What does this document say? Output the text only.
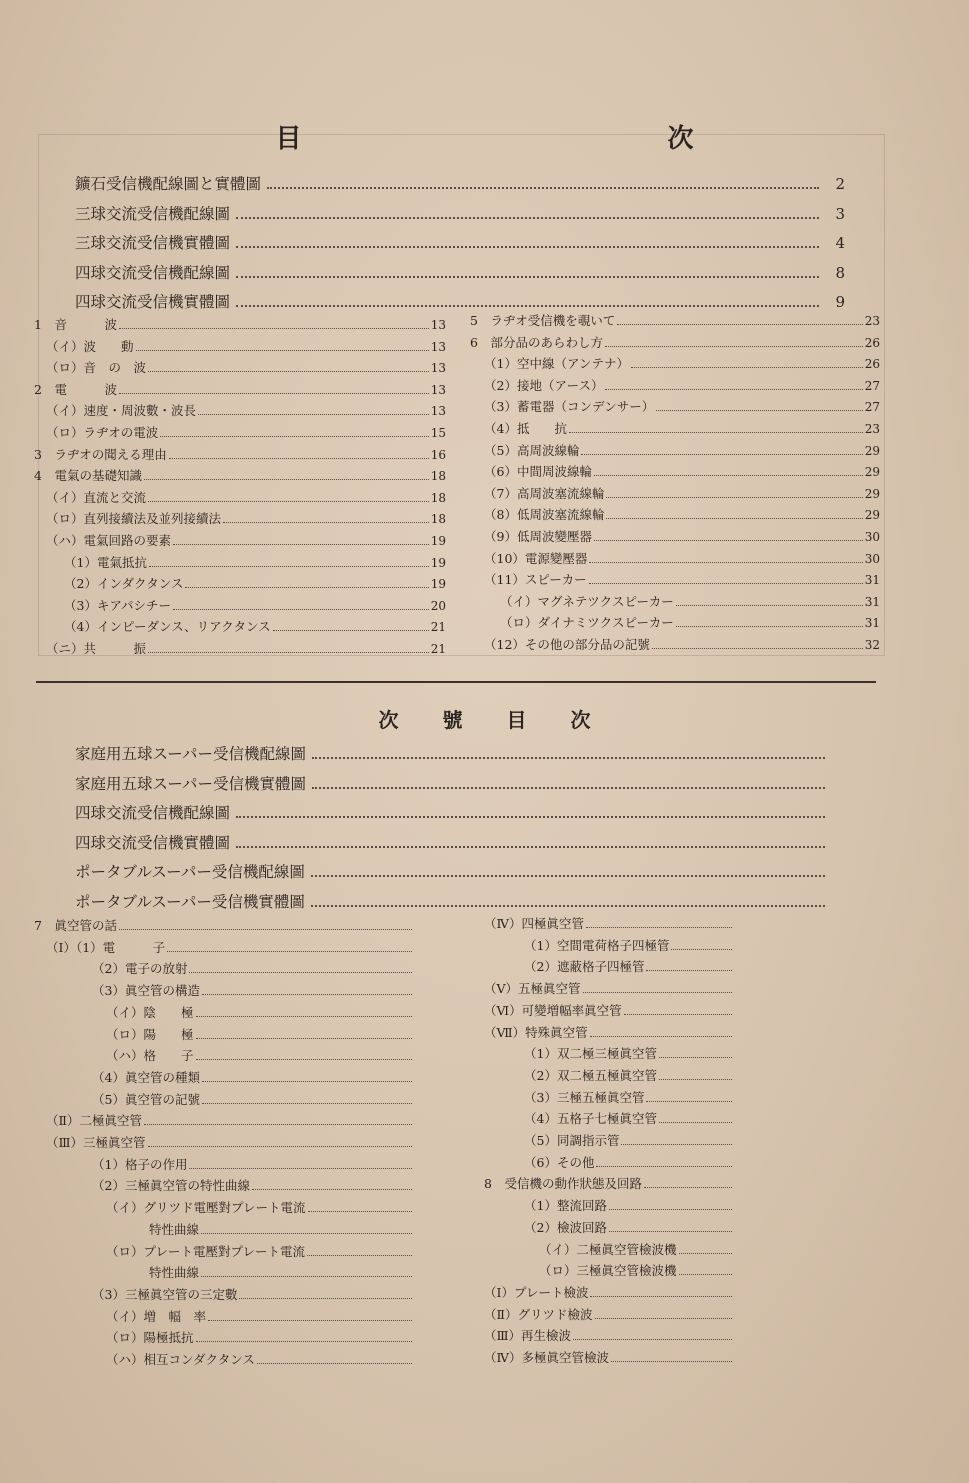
目　次
鑛石受信機配線圖と實體圖	2
三球交流受信機配線圖	3
三球交流受信機實體圖	4
四球交流受信機配線圖	8
四球交流受信機實體圖	9
1　音　　　波	13
（イ）波　　動	13
（ロ）音　の　波	13
2　電　　　波	13
（イ）速度・周波數・波長	13
（ロ）ラヂオの電波	15
3　ラヂオの聞える理由	16
4　電氣の基礎知識	18
（イ）直流と交流	18
（ロ）直列接續法及並列接續法	18
（ハ）電氣回路の要素	19
（1）電氣抵抗	19
（2）インダクタンス	19
（3）キアパシチー	20
（4）インピーダンス、リアクタンス	21
（ニ）共　　　振	21
5　ラヂオ受信機を覗いて	23
6　部分品のあらわし方	26
（1）空中線（アンテナ）	26
（2）接地（アース）	27
（3）蓄電器（コンデンサー）	27
（4）抵　　抗	23
（5）高周波線輪	29
（6）中間周波線輪	29
（7）高周波塞流線輪	29
（8）低周波塞流線輪	29
（9）低周波變壓器	30
（10）電源變壓器	30
（11）スピーカー	31
（イ）マグネテツクスピーカー	31
（ロ）ダイナミツクスピーカー	31
（12）その他の部分品の記號	32
次號目次
家庭用五球スーパー受信機配線圖
家庭用五球スーパー受信機實體圖
四球交流受信機配線圖
四球交流受信機實體圖
ポータブルスーパー受信機配線圖
ポータブルスーパー受信機實體圖
7　眞空管の話
（Ⅰ）（1）電　　　子
（2）電子の放射
（3）眞空管の構造
（イ）陰　　極
（ロ）陽　　極
（ハ）格　　子
（4）眞空管の種類
（5）眞空管の記號
（Ⅱ）二極眞空管
（Ⅲ）三極眞空管
（1）格子の作用
（2）三極眞空管の特性曲線
（イ）グリツド電壓對プレート電流
特性曲線
（ロ）プレート電壓對プレート電流
特性曲線
（3）三極眞空管の三定數
（イ）増　幅　率
（ロ）陽極抵抗
（ハ）相互コンダクタンス
（Ⅳ）四極眞空管
（1）空間電荷格子四極管
（2）遮蔽格子四極管
（Ⅴ）五極眞空管
（Ⅵ）可變増幅率眞空管
（Ⅶ）特殊眞空管
（1）双二極三極眞空管
（2）双二極五極眞空管
（3）三極五極眞空管
（4）五格子七極眞空管
（5）同調指示管
（6）その他
8　受信機の動作狀態及回路
（1）整流回路
（2）檢波回路
（イ）二極眞空管檢波機
（ロ）三極眞空管檢波機
（Ⅰ）プレート檢波
（Ⅱ）グリツド檢波
（Ⅲ）再生檢波
（Ⅳ）多極眞空管檢波
